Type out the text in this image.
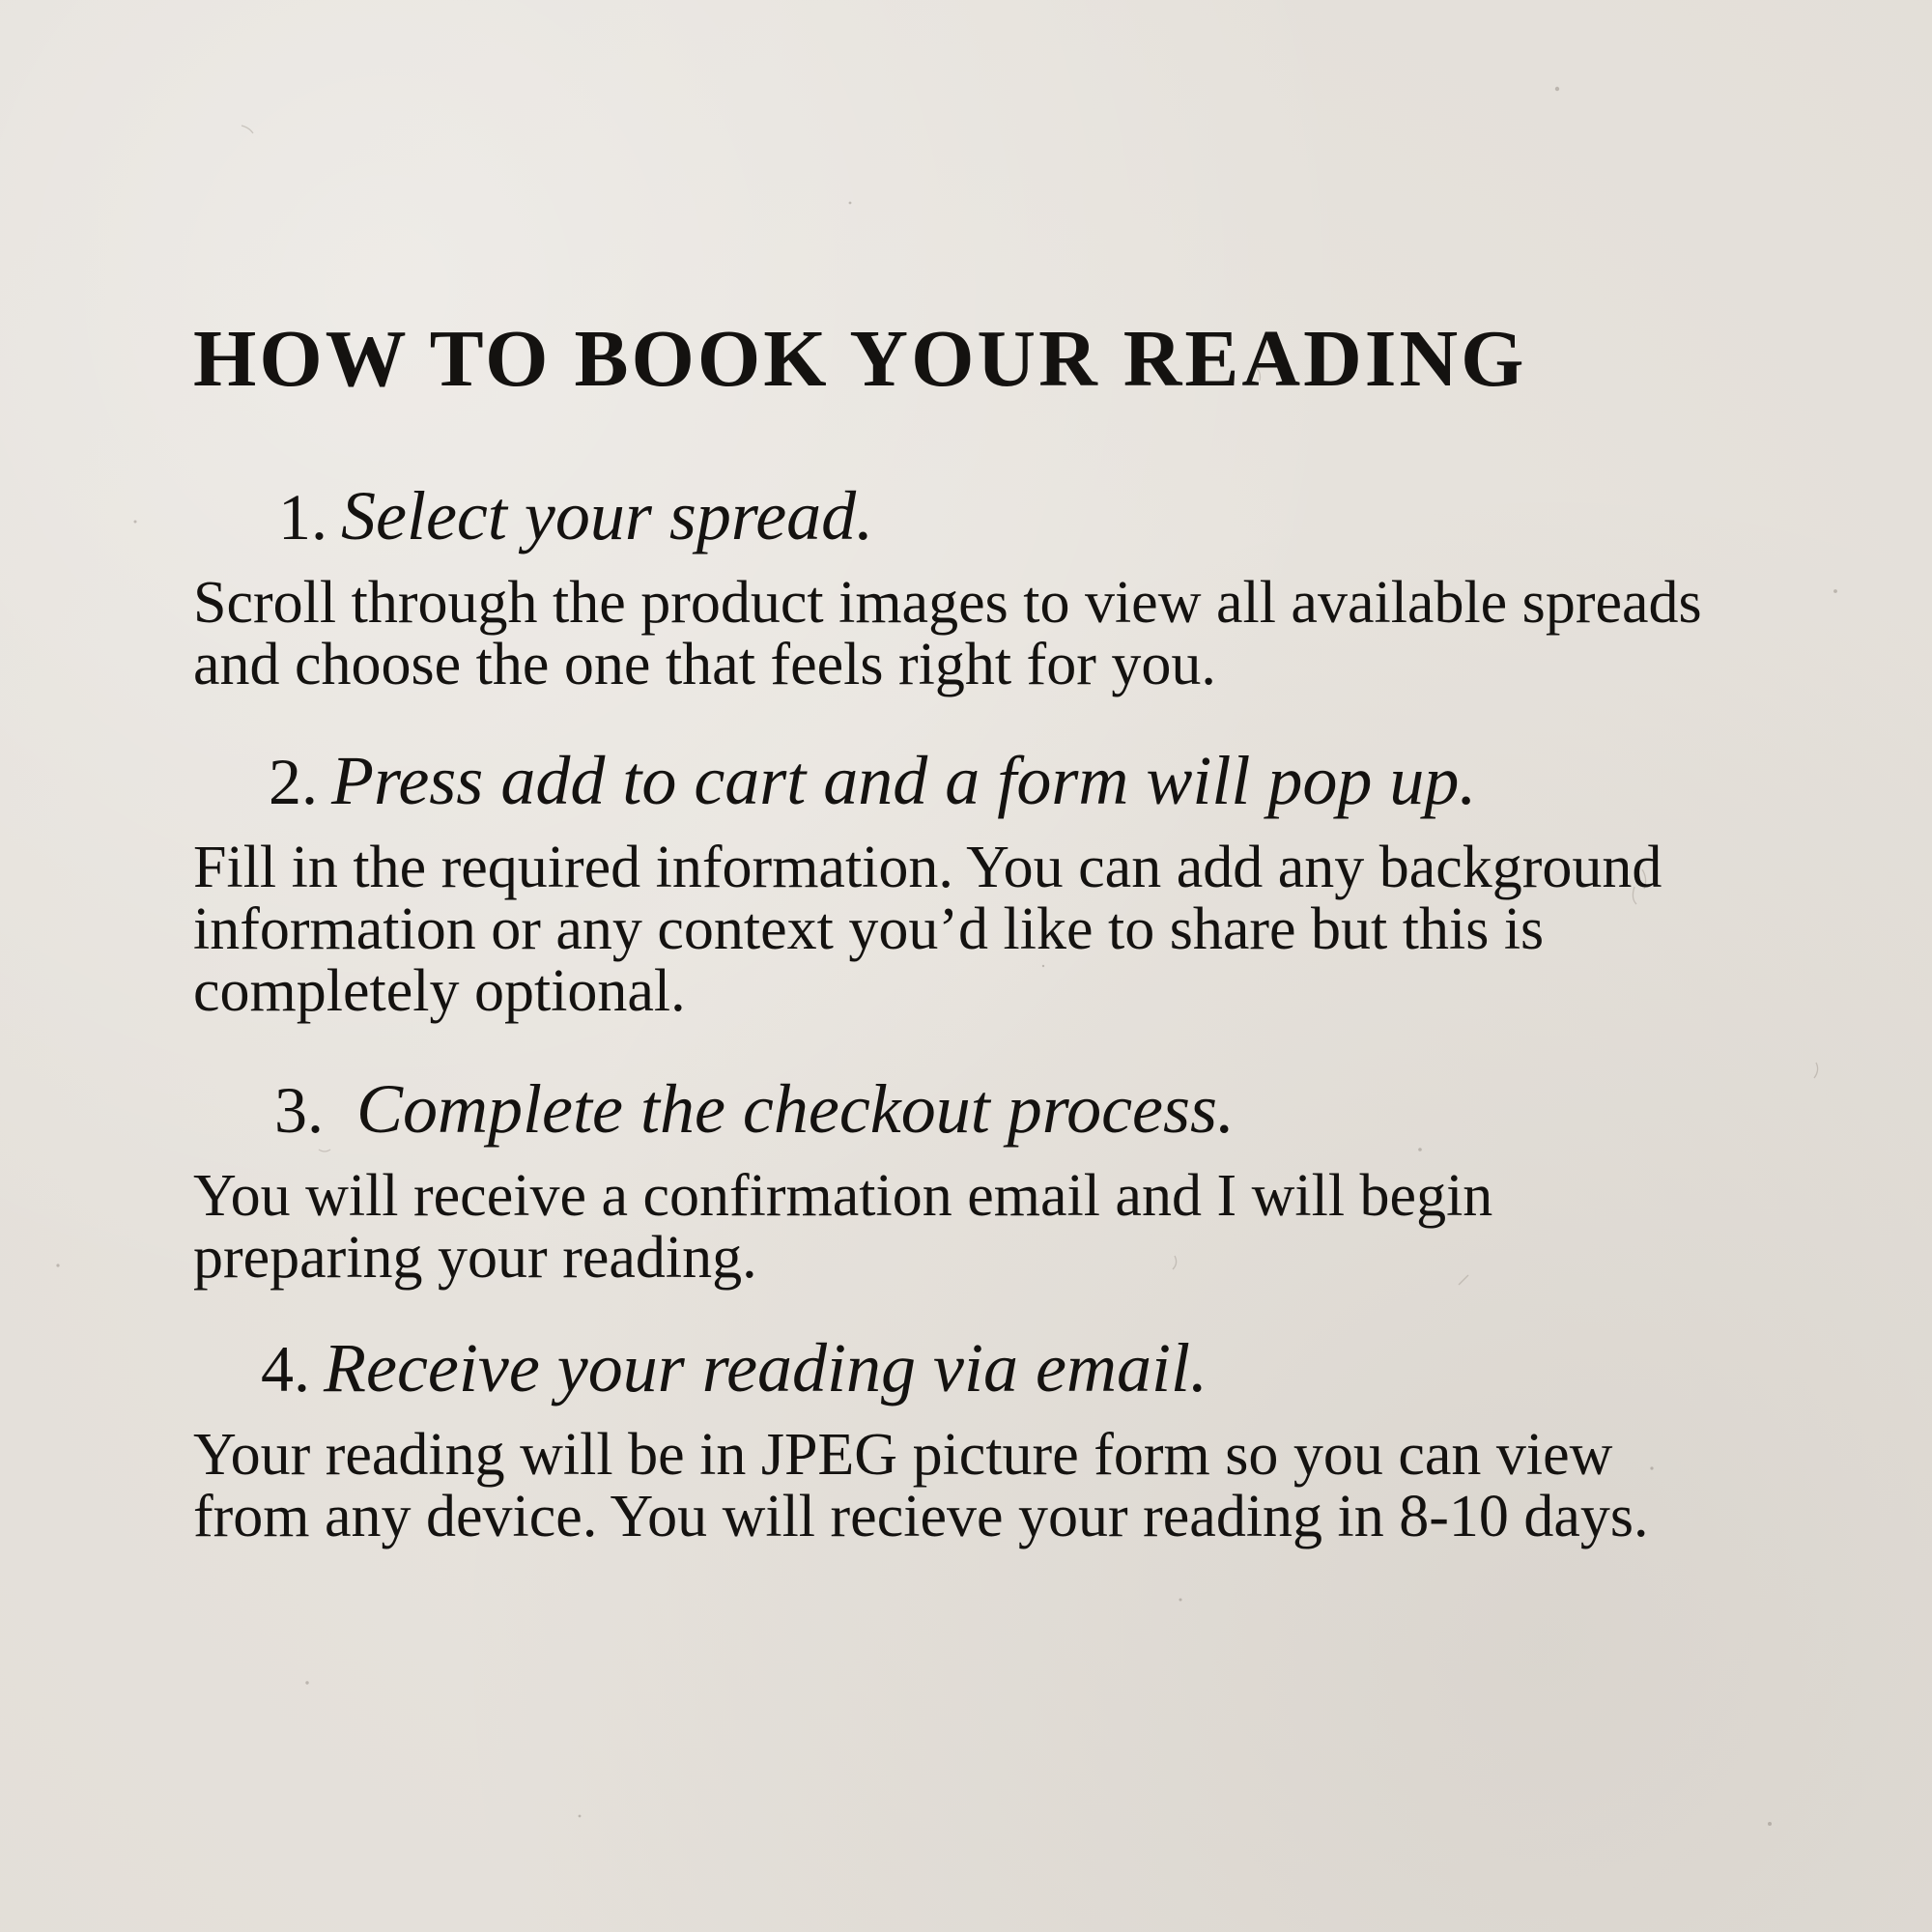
HOW TO BOOK YOUR READING
1. Select your spread.

Scroll through the product images to view all available spreads and choose the one that feels right for you.

2. Press add to cart and a form will pop up.

Fill in the required information. You can add any background information or any context you’d like to share but this is completely optional.

3. Complete the checkout process.

You will receive a confirmation email and I will begin preparing your reading.

4. Receive your reading via email.

Your reading will be in JPEG picture form so you can view from any device. You will recieve your reading in 8-10 days.
